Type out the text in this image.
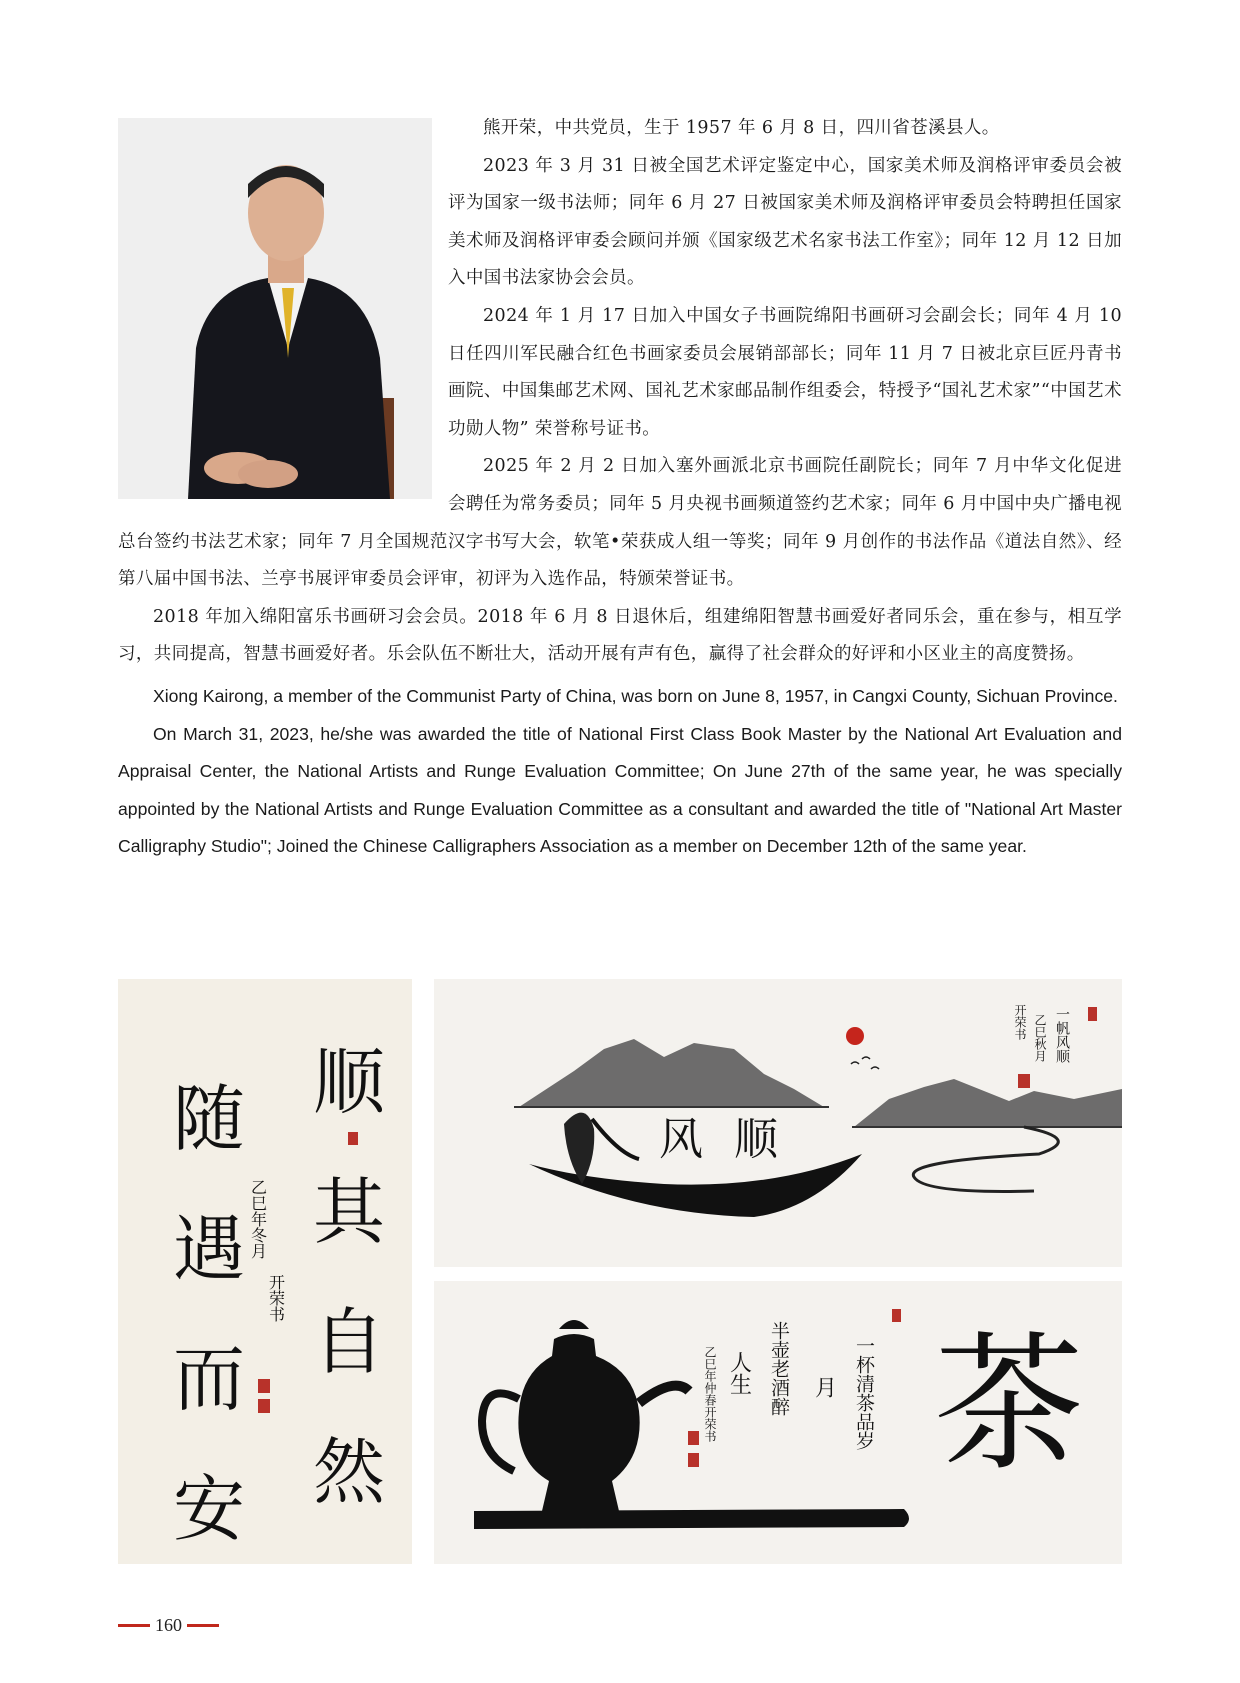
熊开荣，中共党员，生于 1957 年 6 月 8 日，四川省苍溪县人。

2023 年 3 月 31 日被全国艺术评定鉴定中心，国家美术师及润格评审委员会被评为国家一级书法师；同年 6 月 27 日被国家美术师及润格评审委员会特聘担任国家美术师及润格评审委会顾问并颁《国家级艺术名家书法工作室》；同年 12 月 12 日加入中国书法家协会会员。

2024 年 1 月 17 日加入中国女子书画院绵阳书画研习会副会长；同年 4 月 10 日任四川军民融合红色书画家委员会展销部部长；同年 11 月 7 日被北京巨匠丹青书画院、中国集邮艺术网、国礼艺术家邮品制作组委会，特授予“国礼艺术家”“中国艺术功勋人物” 荣誉称号证书。

2025 年 2 月 2 日加入塞外画派北京书画院任副院长；同年 7 月中华文化促进会聘任为常务委员；同年 5 月央视书画频道签约艺术家；同年 6 月中国中央广播电视总台签约书法艺术家；同年 7 月全国规范汉字书写大会，软笔•荣获成人组一等奖；同年 9 月创作的书法作品《道法自然》、经第八届中国书法、兰亭书展评审委员会评审，初评为入选作品，特颁荣誉证书。

2018 年加入绵阳富乐书画研习会会员。2018 年 6 月 8 日退休后，组建绵阳智慧书画爱好者同乐会，重在参与，相互学习，共同提高，智慧书画爱好者。乐会队伍不断壮大，活动开展有声有色，赢得了社会群众的好评和小区业主的高度赞扬。

Xiong Kairong, a member of the Communist Party of China, was born on June 8, 1957, in Cangxi County, Sichuan Province.

On March 31, 2023, he/she was awarded the title of National First Class Book Master by the National Art Evaluation and Appraisal Center, the National Artists and Runge Evaluation Committee; On June 27th of the same year, he was specially appointed by the National Artists and Runge Evaluation Committee as a consultant and awarded the title of "National Art Master Calligraphy Studio"; Joined the Chinese Calligraphers Association as a member on December 12th of the same year.

顺
其
自
然
随
遇
而
安
乙巳年冬月
开荣书
风 顺
一帆风顺
乙巳秋月
开荣书
茶
一杯清茶品岁
月
半壶老酒醉
人生
乙巳年仲春开荣书
160
